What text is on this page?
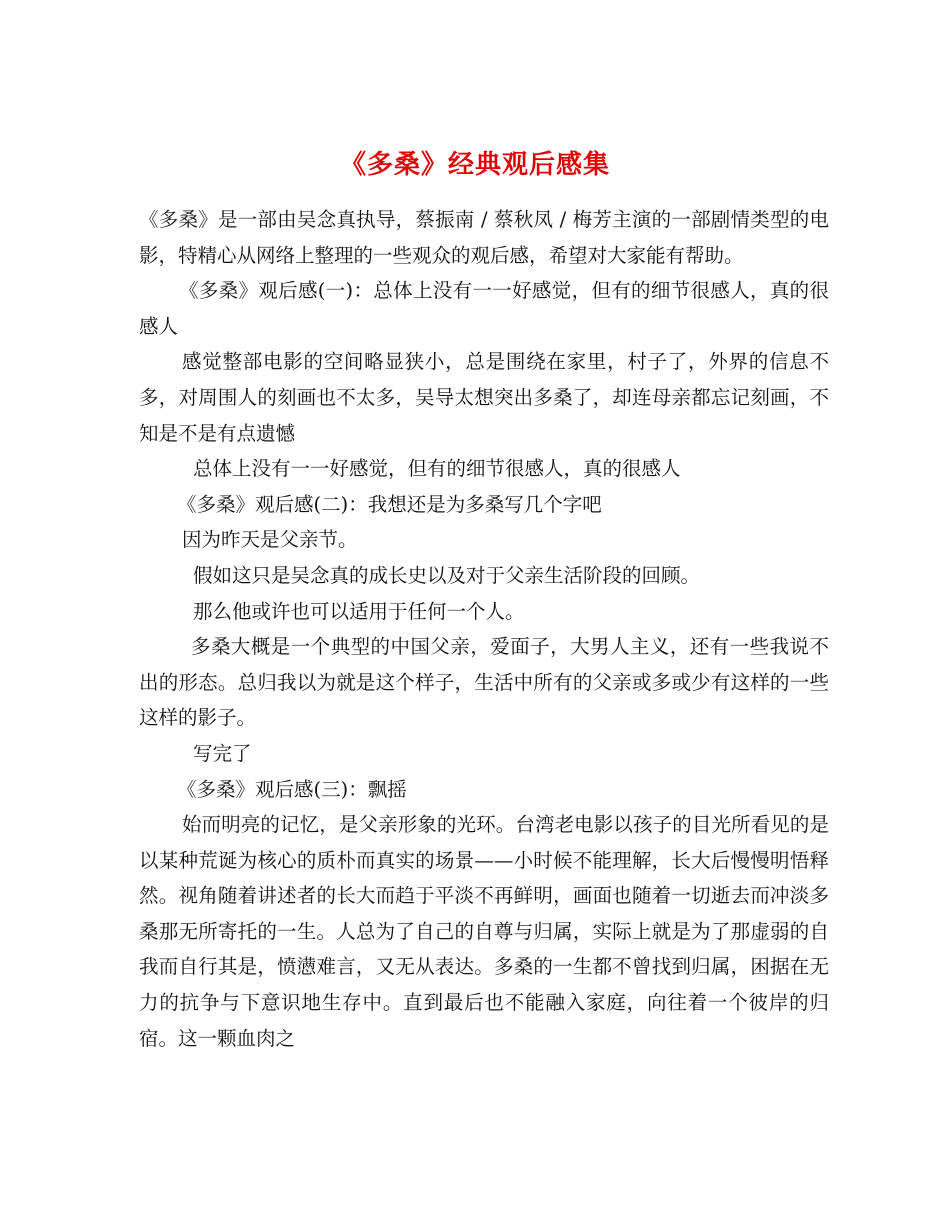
《多桑》经典观后感集

《多桑》是一部由吴念真执导，蔡振南 / 蔡秋凤 / 梅芳主演的一部剧情类型的电影，特精心从网络上整理的一些观众的观后感，希望对大家能有帮助。

《多桑》观后感(一)：总体上没有一一好感觉，但有的细节很感人，真的很感人

感觉整部电影的空间略显狭小，总是围绕在家里，村子了，外界的信息不多，对周围人的刻画也不太多，吴导太想突出多桑了，却连母亲都忘记刻画，不知是不是有点遗憾

总体上没有一一好感觉，但有的细节很感人，真的很感人

《多桑》观后感(二)：我想还是为多桑写几个字吧

因为昨天是父亲节。

假如这只是吴念真的成长史以及对于父亲生活阶段的回顾。

那么他或许也可以适用于任何一个人。

多桑大概是一个典型的中国父亲，爱面子，大男人主义，还有一些我说不出的形态。总归我以为就是这个样子，生活中所有的父亲或多或少有这样的一些这样的影子。

写完了

《多桑》观后感(三)：飘摇

始而明亮的记忆，是父亲形象的光环。台湾老电影以孩子的目光所看见的是以某种荒诞为核心的质朴而真实的场景——小时候不能理解，长大后慢慢明悟释然。视角随着讲述者的长大而趋于平淡不再鲜明，画面也随着一切逝去而冲淡多桑那无所寄托的一生。人总为了自己的自尊与归属，实际上就是为了那虚弱的自我而自行其是，愤懑难言，又无从表达。多桑的一生都不曾找到归属，困据在无力的抗争与下意识地生存中。直到最后也不能融入家庭，向往着一个彼岸的归宿。这一颗血肉之
